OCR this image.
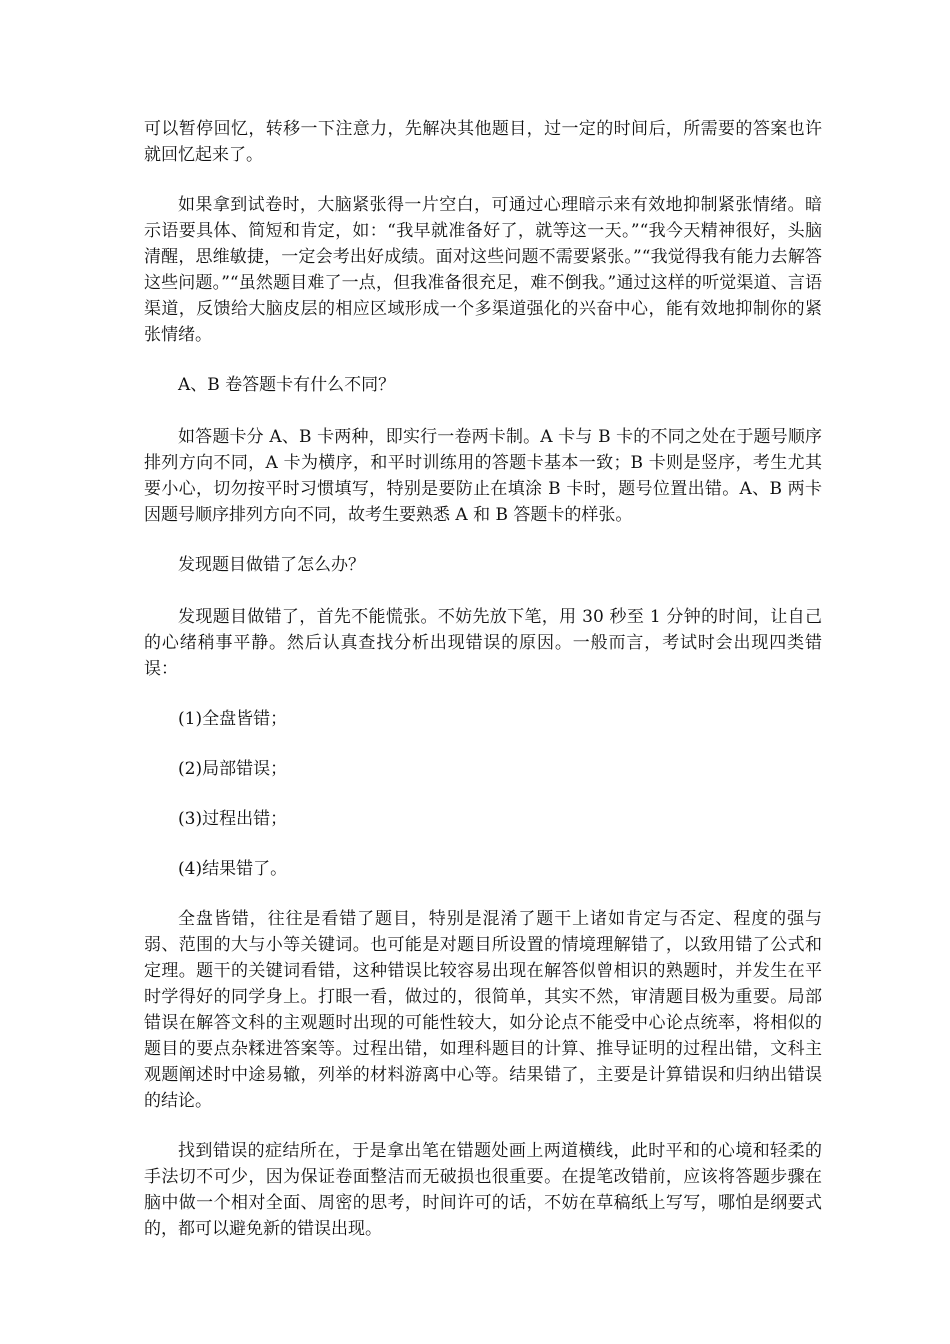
可以暂停回忆，转移一下注意力，先解决其他题目，过一定的时间后，所需要的答案也许就回忆起来了。

如果拿到试卷时，大脑紧张得一片空白，可通过心理暗示来有效地抑制紧张情绪。暗示语要具体、简短和肯定，如：“我早就准备好了，就等这一天。”“我今天精神很好，头脑清醒，思维敏捷，一定会考出好成绩。面对这些问题不需要紧张。”“我觉得我有能力去解答这些问题。”“虽然题目难了一点，但我准备很充足，难不倒我。”通过这样的听觉渠道、言语渠道，反馈给大脑皮层的相应区域形成一个多渠道强化的兴奋中心，能有效地抑制你的紧张情绪。

A、B 卷答题卡有什么不同？

如答题卡分 A、B 卡两种，即实行一卷两卡制。A 卡与 B 卡的不同之处在于题号顺序排列方向不同，A 卡为横序，和平时训练用的答题卡基本一致；B 卡则是竖序，考生尤其要小心，切勿按平时习惯填写，特别是要防止在填涂 B 卡时，题号位置出错。A、B 两卡因题号顺序排列方向不同，故考生要熟悉 A 和 B 答题卡的样张。

发现题目做错了怎么办？

发现题目做错了，首先不能慌张。不妨先放下笔，用 30 秒至 1 分钟的时间，让自己的心绪稍事平静。然后认真查找分析出现错误的原因。一般而言，考试时会出现四类错误：

(1)全盘皆错；

(2)局部错误；

(3)过程出错；

(4)结果错了。

全盘皆错，往往是看错了题目，特别是混淆了题干上诸如肯定与否定、程度的强与弱、范围的大与小等关键词。也可能是对题目所设置的情境理解错了，以致用错了公式和定理。题干的关键词看错，这种错误比较容易出现在解答似曾相识的熟题时，并发生在平时学得好的同学身上。打眼一看，做过的，很简单，其实不然，审清题目极为重要。局部错误在解答文科的主观题时出现的可能性较大，如分论点不能受中心论点统率，将相似的题目的要点杂糅进答案等。过程出错，如理科题目的计算、推导证明的过程出错，文科主观题阐述时中途易辙，列举的材料游离中心等。结果错了，主要是计算错误和归纳出错误的结论。

找到错误的症结所在，于是拿出笔在错题处画上两道横线，此时平和的心境和轻柔的手法切不可少，因为保证卷面整洁而无破损也很重要。在提笔改错前，应该将答题步骤在脑中做一个相对全面、周密的思考，时间许可的话，不妨在草稿纸上写写，哪怕是纲要式的，都可以避免新的错误出现。
